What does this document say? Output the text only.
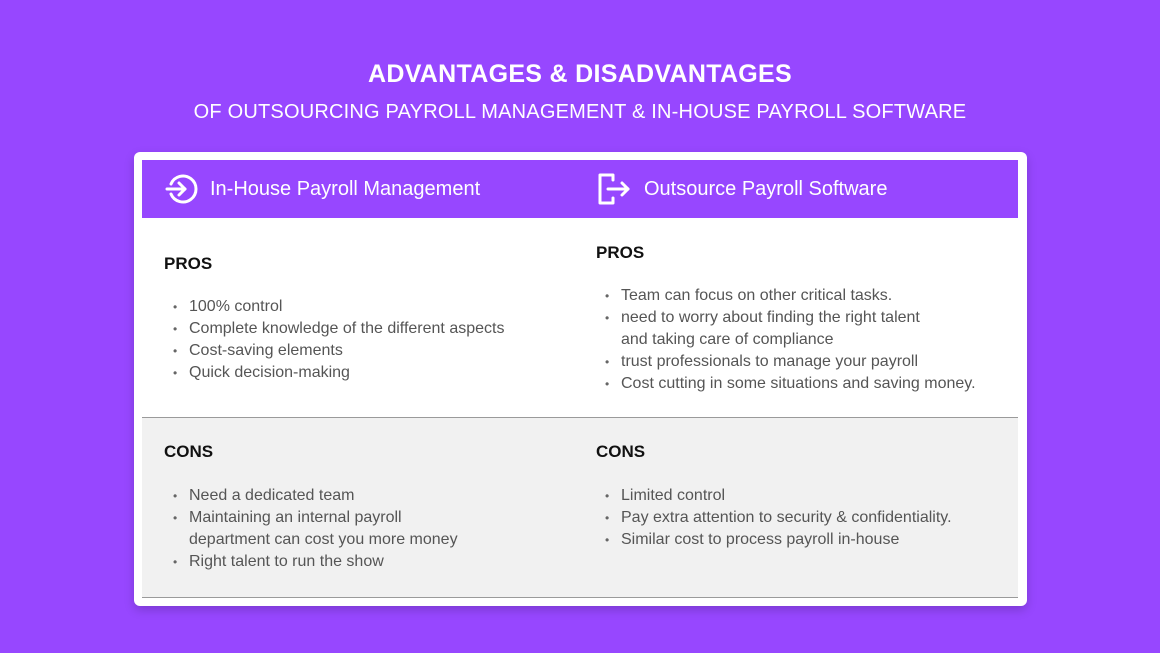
ADVANTAGES & DISADVANTAGES
OF OUTSOURCING PAYROLL MANAGEMENT & IN-HOUSE PAYROLL SOFTWARE
In-House Payroll Management	Outsource Payroll Software
PROS
• 100% control
• Complete knowledge of the different aspects
• Cost-saving elements
• Quick decision-making
PROS
• Team can focus on other critical tasks.
• need to worry about finding the right talent
and taking care of compliance
• trust professionals to manage your payroll
• Cost cutting in some situations and saving money.
CONS
• Need a dedicated team
• Maintaining an internal payroll
department can cost you more money
• Right talent to run the show
CONS
• Limited control
• Pay extra attention to security & confidentiality.
• Similar cost to process payroll in-house
